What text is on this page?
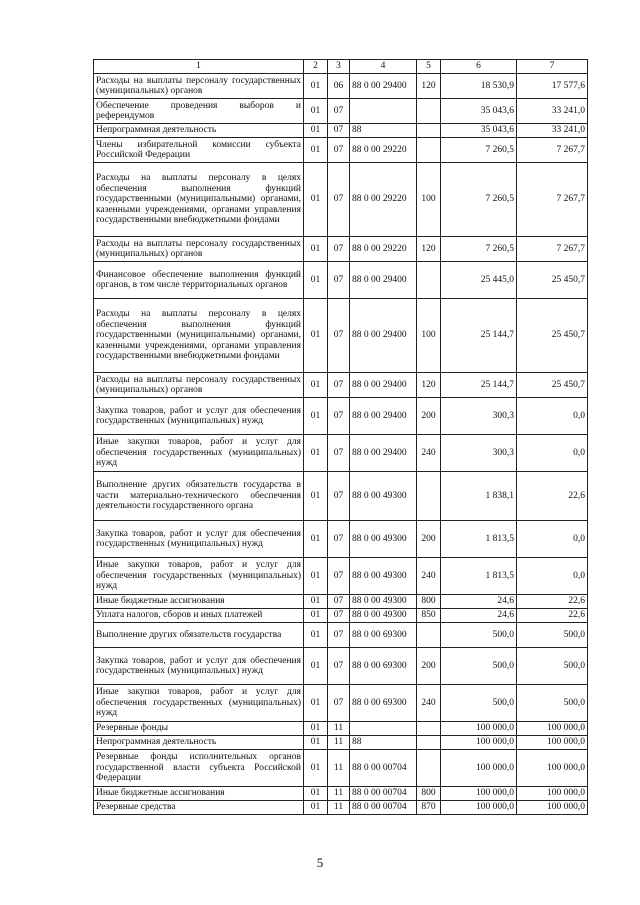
1	2	3	4	5	6	7
Расходы на выплаты персоналу государственных (муниципальных) органов	01	06	88 0 00 29400	120	18 530,9	17 577,6
Обеспечение проведения выборов и референдумов	01	07			35 043,6	33 241,0
Непрограммная деятельность	01	07	88		35 043,6	33 241,0
Члены избирательной комиссии субъекта Российской Федерации	01	07	88 0 00 29220		7 260,5	7 267,7
Расходы на выплаты персоналу в целях обеспечения выполнения функций государственными (муниципальными) органами, казенными учреждениями, органами управления государственными внебюджетными фондами	01	07	88 0 00 29220	100	7 260,5	7 267,7
Расходы на выплаты персоналу государственных (муниципальных) органов	01	07	88 0 00 29220	120	7 260,5	7 267,7
Финансовое обеспечение выполнения функций органов, в том числе территориальных органов	01	07	88 0 00 29400		25 445,0	25 450,7
Расходы на выплаты персоналу в целях обеспечения выполнения функций государственными (муниципальными) органами, казенными учреждениями, органами управления государственными внебюджетными фондами	01	07	88 0 00 29400	100	25 144,7	25 450,7
Расходы на выплаты персоналу государственных (муниципальных) органов	01	07	88 0 00 29400	120	25 144,7	25 450,7
Закупка товаров, работ и услуг для обеспечения государственных (муниципальных) нужд	01	07	88 0 00 29400	200	300,3	0,0
Иные закупки товаров, работ и услуг для обеспечения государственных (муниципальных) нужд	01	07	88 0 00 29400	240	300,3	0,0
Выполнение других обязательств государства в части материально-технического обеспечения деятельности государственного органа	01	07	88 0 00 49300		1 838,1	22,6
Закупка товаров, работ и услуг для обеспечения государственных (муниципальных) нужд	01	07	88 0 00 49300	200	1 813,5	0,0
Иные закупки товаров, работ и услуг для обеспечения государственных (муниципальных) нужд	01	07	88 0 00 49300	240	1 813,5	0,0
Иные бюджетные ассигнования	01	07	88 0 00 49300	800	24,6	22,6
Уплата налогов, сборов и иных платежей	01	07	88 0 00 49300	850	24,6	22,6
Выполнение других обязательств государства	01	07	88 0 00 69300		500,0	500,0
Закупка товаров, работ и услуг для обеспечения государственных (муниципальных) нужд	01	07	88 0 00 69300	200	500,0	500,0
Иные закупки товаров, работ и услуг для обеспечения государственных (муниципальных) нужд	01	07	88 0 00 69300	240	500,0	500,0
Резервные фонды	01	11			100 000,0	100 000,0
Непрограммная деятельность	01	11	88		100 000,0	100 000,0
Резервные фонды исполнительных органов государственной власти субъекта Российской Федерации	01	11	88 0 00 00704		100 000,0	100 000,0
Иные бюджетные ассигнования	01	11	88 0 00 00704	800	100 000,0	100 000,0
Резервные средства	01	11	88 0 00 00704	870	100 000,0	100 000,0
5
